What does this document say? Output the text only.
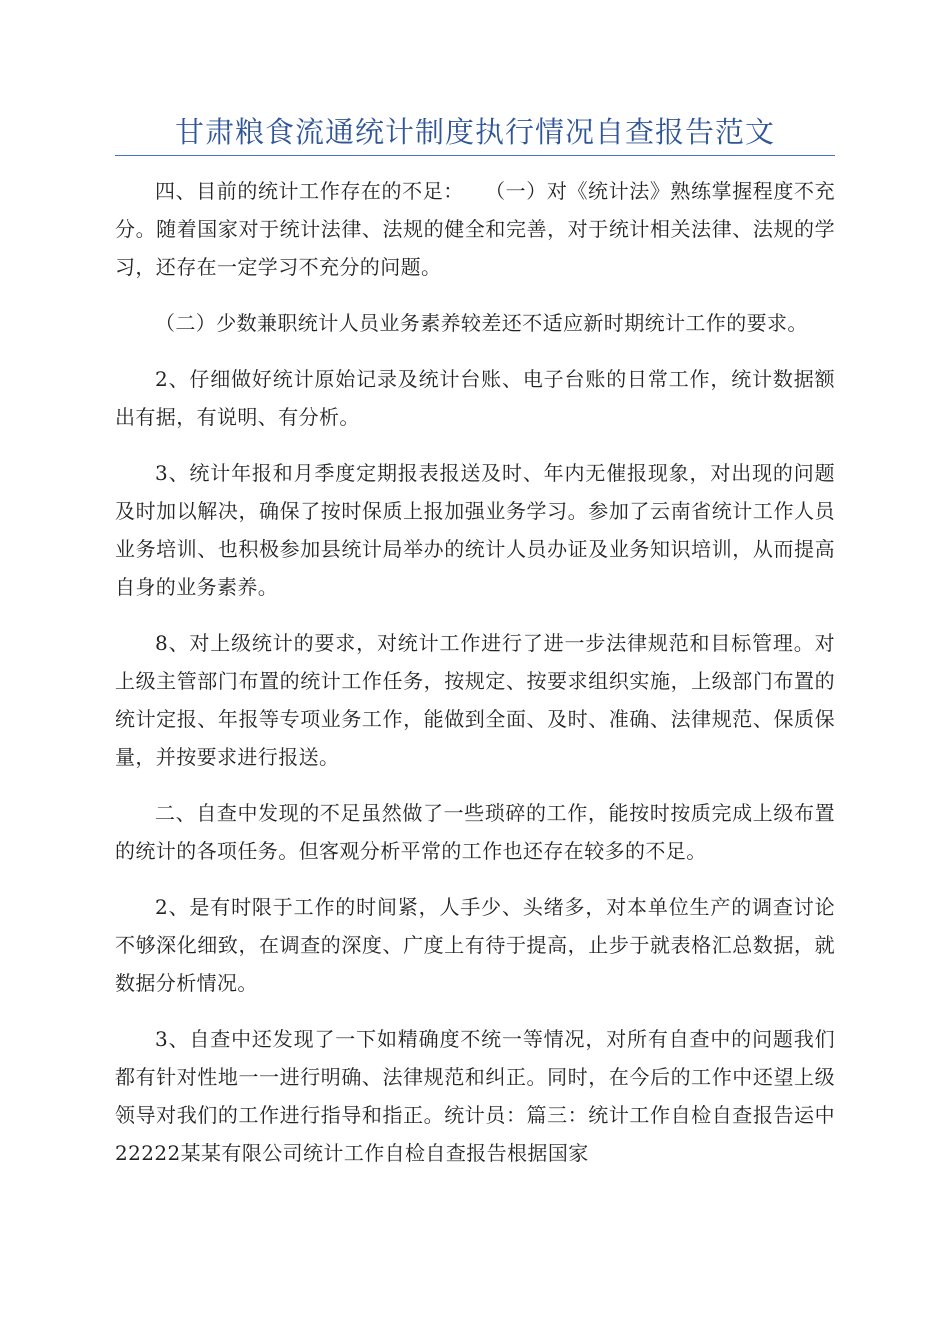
甘肃粮食流通统计制度执行情况自查报告范文

四、目前的统计工作存在的不足：　　（一）对《统计法》熟练掌握程度不充分。随着国家对于统计法律、法规的健全和完善，对于统计相关法律、法规的学习，还存在一定学习不充分的问题。

（二）少数兼职统计人员业务素养较差还不适应新时期统计工作的要求。

2、仔细做好统计原始记录及统计台账、电子台账的日常工作，统计数据额出有据，有说明、有分析。

3、统计年报和月季度定期报表报送及时、年内无催报现象，对出现的问题及时加以解决，确保了按时保质上报加强业务学习。参加了云南省统计工作人员业务培训、也积极参加县统计局举办的统计人员办证及业务知识培训，从而提高自身的业务素养。

8、对上级统计的要求，对统计工作进行了进一步法律规范和目标管理。对上级主管部门布置的统计工作任务，按规定、按要求组织实施，上级部门布置的统计定报、年报等专项业务工作，能做到全面、及时、准确、法律规范、保质保量，并按要求进行报送。

二、自查中发现的不足虽然做了一些琐碎的工作，能按时按质完成上级布置的统计的各项任务。但客观分析平常的工作也还存在较多的不足。

2、是有时限于工作的时间紧，人手少、头绪多，对本单位生产的调查讨论不够深化细致，在调查的深度、广度上有待于提高，止步于就表格汇总数据，就数据分析情况。

3、自查中还发现了一下如精确度不统一等情况，对所有自查中的问题我们都有针对性地一一进行明确、法律规范和纠正。同时，在今后的工作中还望上级领导对我们的工作进行指导和指正。统计员：篇三：统计工作自检自查报告运中22222某某有限公司统计工作自检自查报告根据国家
